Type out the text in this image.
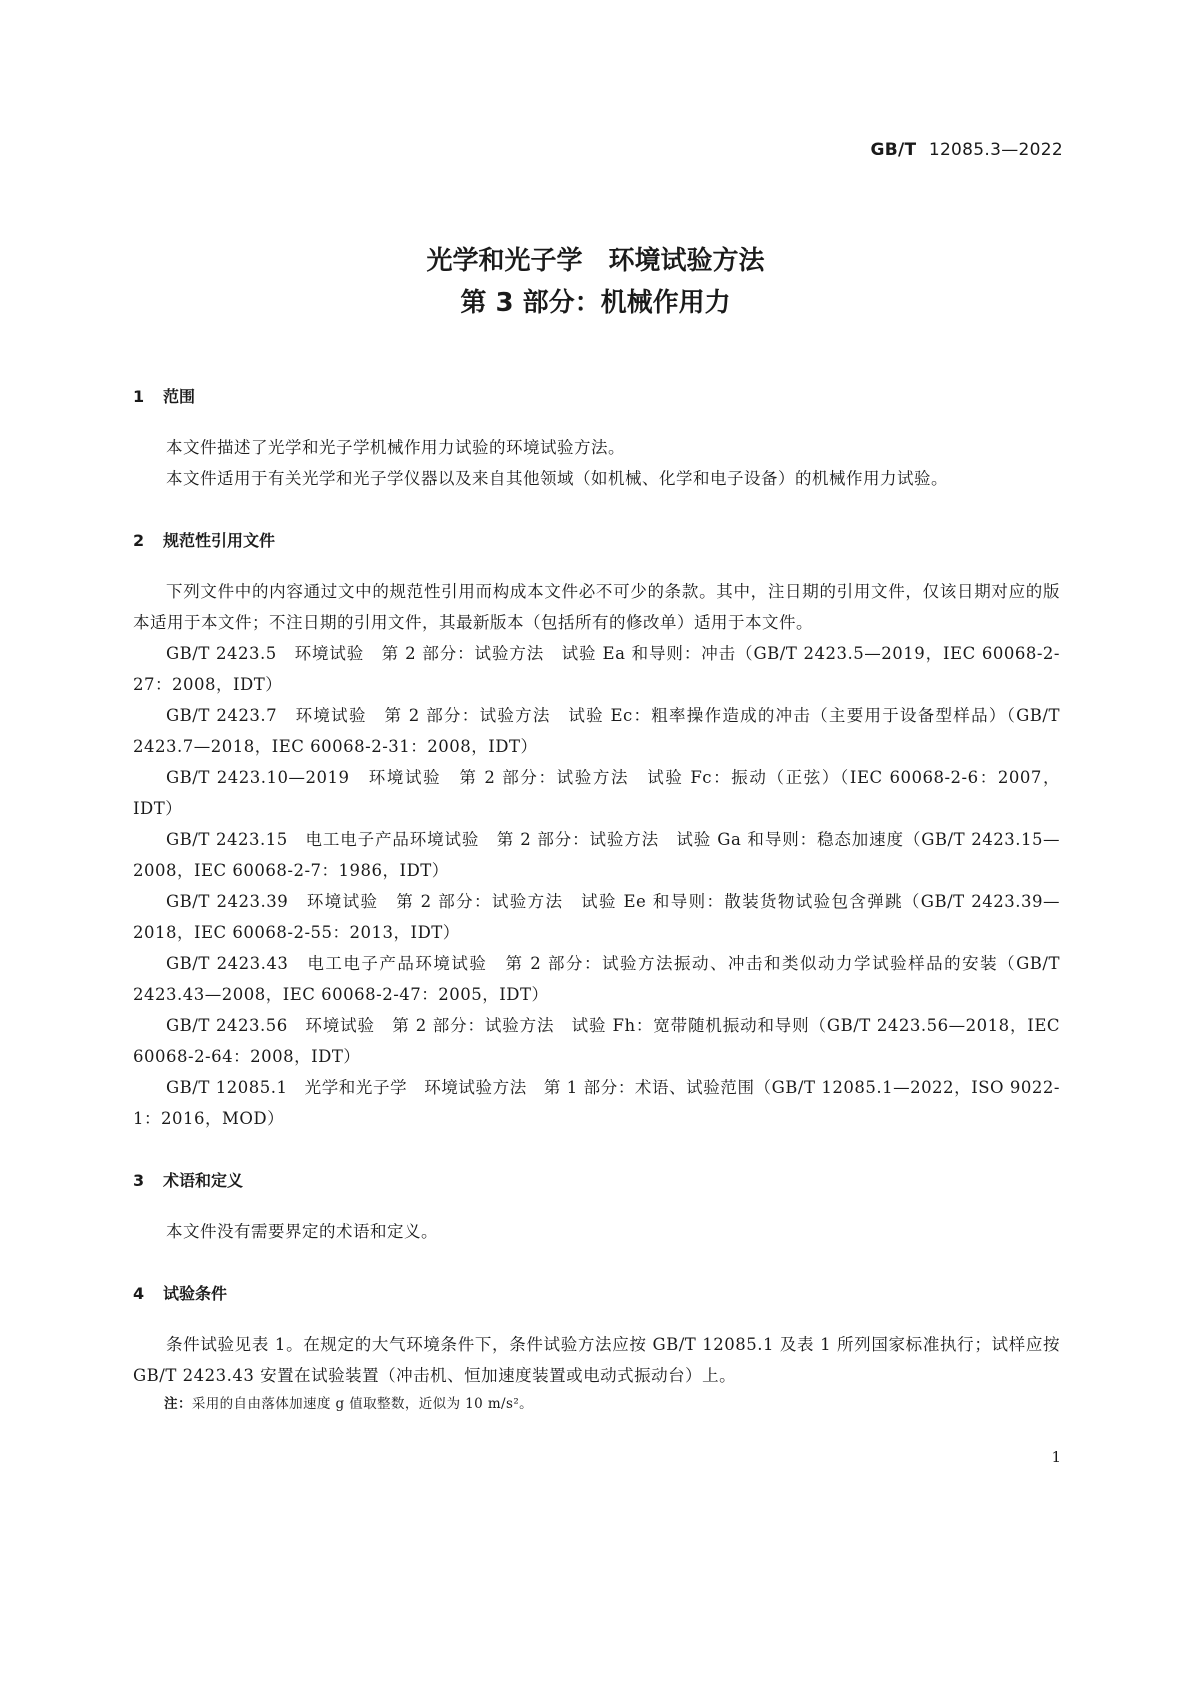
GB/T 12085.3—2022
光学和光子学　环境试验方法
第 3 部分：机械作用力
1 范围

本文件描述了光学和光子学机械作用力试验的环境试验方法。

本文件适用于有关光学和光子学仪器以及来自其他领域（如机械、化学和电子设备）的机械作用力试验。

2 规范性引用文件

下列文件中的内容通过文中的规范性引用而构成本文件必不可少的条款。其中，注日期的引用文件，仅该日期对应的版本适用于本文件；不注日期的引用文件，其最新版本（包括所有的修改单）适用于本文件。

GB/T 2423.5　环境试验　第 2 部分：试验方法　试验 Ea 和导则：冲击（GB/T 2423.5—2019，IEC 60068-2-27：2008，IDT）

GB/T 2423.7　环境试验　第 2 部分：试验方法　试验 Ec：粗率操作造成的冲击（主要用于设备型样品）（GB/T 2423.7—2018，IEC 60068-2-31：2008，IDT）

GB/T 2423.10—2019　环境试验　第 2 部分：试验方法　试验 Fc：振动（正弦）（IEC 60068-2-6：2007，IDT）

GB/T 2423.15　电工电子产品环境试验　第 2 部分：试验方法　试验 Ga 和导则：稳态加速度（GB/T 2423.15—2008，IEC 60068-2-7：1986，IDT）

GB/T 2423.39　环境试验　第 2 部分：试验方法　试验 Ee 和导则：散装货物试验包含弹跳（GB/T 2423.39—2018，IEC 60068-2-55：2013，IDT）

GB/T 2423.43　电工电子产品环境试验　第 2 部分：试验方法振动、冲击和类似动力学试验样品的安装（GB/T 2423.43—2008，IEC 60068-2-47：2005，IDT）

GB/T 2423.56　环境试验　第 2 部分：试验方法　试验 Fh：宽带随机振动和导则（GB/T 2423.56—2018，IEC 60068-2-64：2008，IDT）

GB/T 12085.1　光学和光子学　环境试验方法　第 1 部分：术语、试验范围（GB/T 12085.1—2022，ISO 9022-1：2016，MOD）

3 术语和定义

本文件没有需要界定的术语和定义。

4 试验条件

条件试验见表 1。在规定的大气环境条件下，条件试验方法应按 GB/T 12085.1 及表 1 所列国家标准执行；试样应按 GB/T 2423.43 安置在试验装置（冲击机、恒加速度装置或电动式振动台）上。

注：采用的自由落体加速度 g 值取整数，近似为 10 m/s²。

1
